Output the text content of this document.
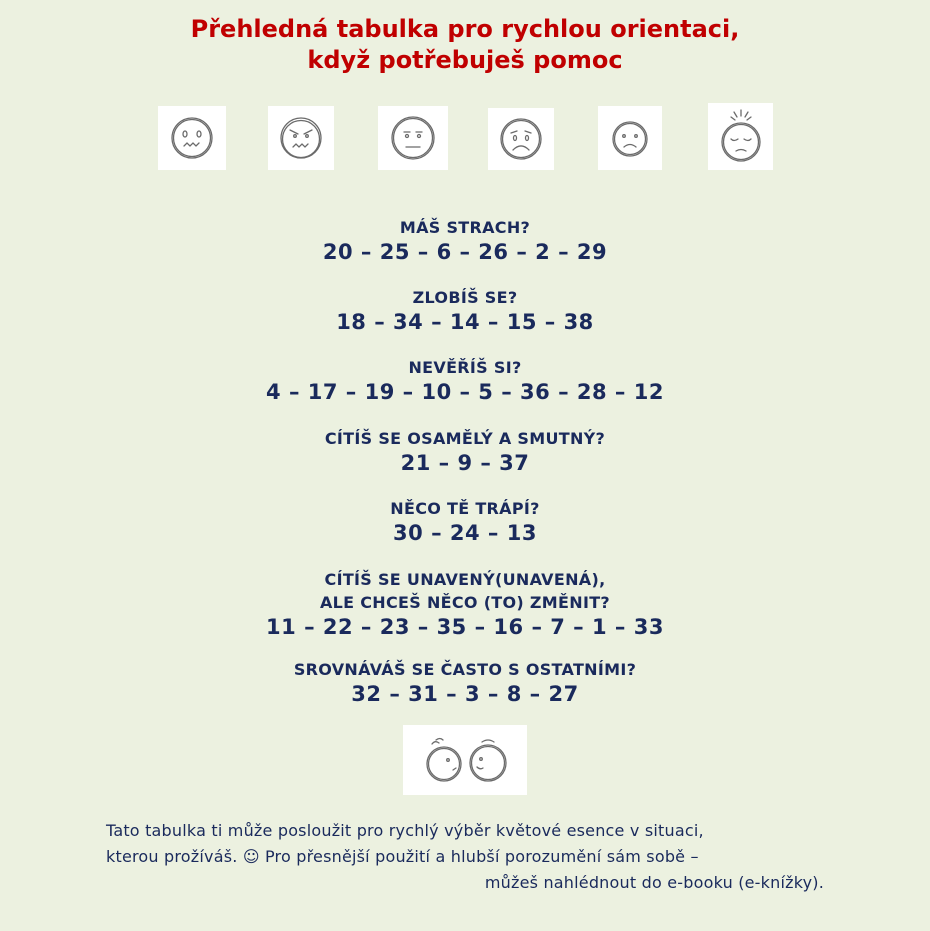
Přehledná tabulka pro rychlou orientaci,
když potřebuješ pomoc
MÁŠ STRACH?
20 – 25 – 6 – 26 – 2 – 29
ZLOBÍŠ SE?
18 – 34 – 14 – 15 – 38
NEVĚŘÍŠ SI?
4 – 17 – 19 – 10 – 5 – 36 – 28 – 12
CÍTÍŠ SE OSAMĚLÝ A SMUTNÝ?
21 – 9 – 37
NĚCO TĚ TRÁPÍ?
30 – 24 – 13
CÍTÍŠ SE UNAVENÝ(UNAVENÁ),
ALE CHCEŠ NĚCO (TO) ZMĚNIT?
11 – 22 – 23 – 35 – 16 – 7 – 1 – 33
SROVNÁVÁŠ SE ČASTO S OSTATNÍMI?
32 – 31 – 3 – 8 – 27
Tato tabulka ti může posloužit pro rychlý výběr květové esence v situaci,
kterou prožíváš. ☺ Pro přesnější použití a hlubší porozumění sám sobě –
můžeš nahlédnout do e-booku (e-knížky).
